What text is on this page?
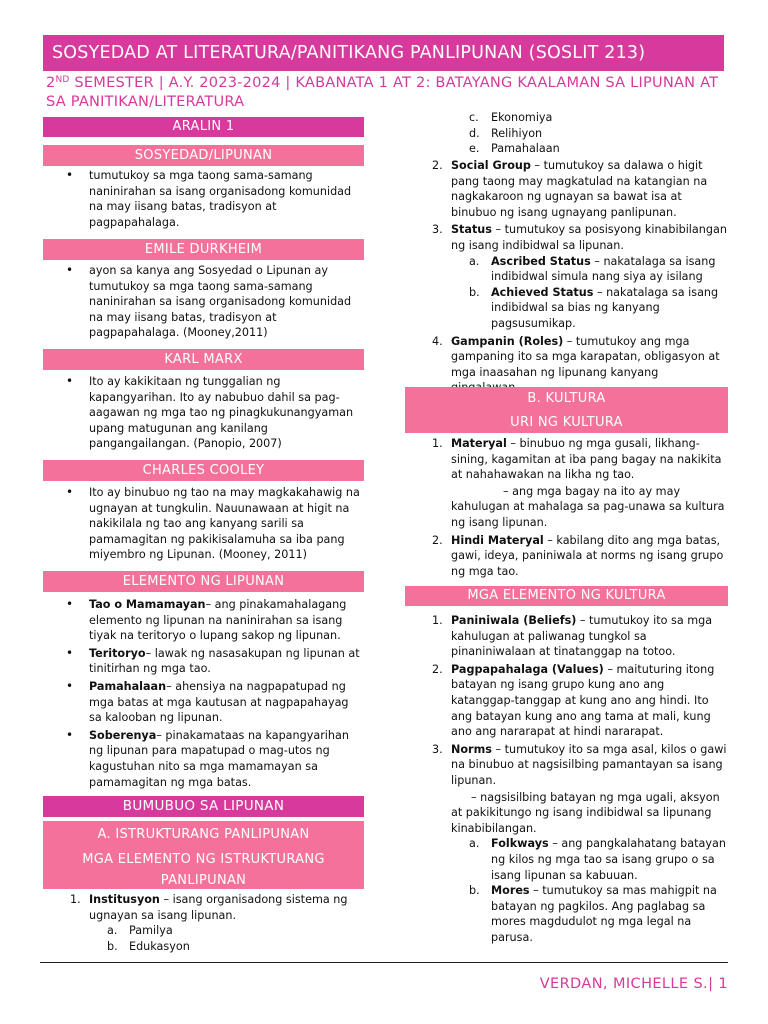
SOSYEDAD AT LITERATURA/PANITIKANG PANLIPUNAN (SOSLIT 213)
2ND SEMESTER | A.Y. 2023-2024 | KABANATA 1 AT 2: BATAYANG KAALAMAN SA LIPUNAN AT SA PANITIKAN/LITERATURA
ARALIN 1
SOSYEDAD/LIPUNAN
• tumutukoy sa mga taong sama-samang naninirahan sa isang organisadong komunidad na may iisang batas, tradisyon at pagpapahalaga.
EMILE DURKHEIM
• ayon sa kanya ang Sosyedad o Lipunan ay tumutukoy sa mga taong sama-samang naninirahan sa isang organisadong komunidad na may iisang batas, tradisyon at pagpapahalaga. (Mooney,2011)
KARL MARX
• Ito ay kakikitaan ng tunggalian ng kapangyarihan. Ito ay nabubuo dahil sa pag-aagawan ng mga tao ng pinagkukunangyaman upang matugunan ang kanilang pangangailangan. (Panopio, 2007)
CHARLES COOLEY
• Ito ay binubuo ng tao na may magkakahawig na ugnayan at tungkulin. Nauunawaan at higit na nakikilala ng tao ang kanyang sarili sa pamamagitan ng pakikisalamuha sa iba pang miyembro ng Lipunan. (Mooney, 2011)
ELEMENTO NG LIPUNAN
• Tao o Mamamayan– ang pinakamahalagang elemento ng lipunan na naninirahan sa isang tiyak na teritoryo o lupang sakop ng lipunan.
• Teritoryo– lawak ng nasasakupan ng lipunan at tinitirhan ng mga tao.
• Pamahalaan– ahensiya na nagpapatupad ng mga batas at mga kautusan at nagpapahayag sa kalooban ng lipunan.
• Soberenya– pinakamataas na kapangyarihan ng lipunan para mapatupad o mag-utos ng kagustuhan nito sa mga mamamayan sa pamamagitan ng mga batas.
BUMUBUO SA LIPUNAN
A. ISTRUKTURANG PANLIPUNAN
MGA ELEMENTO NG ISTRUKTURANG PANLIPUNAN
1. Institusyon – isang organisadong sistema ng ugnayan sa isang lipunan.
a. Pamilya
b. Edukasyon
c. Ekonomiya
d. Relihiyon
e. Pamahalaan
2. Social Group – tumutukoy sa dalawa o higit pang taong may magkatulad na katangian na nagkakaroon ng ugnayan sa bawat isa at binubuo ng isang ugnayang panlipunan.
3. Status – tumutukoy sa posisyong kinabibilangan ng isang indibidwal sa lipunan.
a. Ascribed Status – nakatalaga sa isang indibidwal simula nang siya ay isilang
b. Achieved Status – nakatalaga sa isang indibidwal sa bias ng kanyang pagsusumikap.
4. Gampanin (Roles) – tumutukoy ang mga gampaning ito sa mga karapatan, obligasyon at mga inaasahan ng lipunang kanyang
B. KULTURA
URI NG KULTURA
1. Materyal – binubuo ng mga gusali, likhang-sining, kagamitan at iba pang bagay na nakikita at nahahawakan na likha ng tao.
– ang mga bagay na ito ay may kahulugan at mahalaga sa pag-unawa sa kultura ng isang lipunan.
2. Hindi Materyal – kabilang dito ang mga batas, gawi, ideya, paniniwala at norms ng isang grupo ng mga tao.
MGA ELEMENTO NG KULTURA
1. Paniniwala (Beliefs) – tumutukoy ito sa mga kahulugan at paliwanag tungkol sa pinaniniwalaan at tinatanggap na totoo.
2. Pagpapahalaga (Values) – maituturing itong batayan ng isang grupo kung ano ang katanggap-tanggap at kung ano ang hindi. Ito ang batayan kung ano ang tama at mali, kung ano ang nararapat at hindi nararapat.
3. Norms – tumutukoy ito sa mga asal, kilos o gawi na binubuo at nagsisilbing pamantayan sa isang lipunan.
– nagsisilbing batayan ng mga ugali, aksyon at pakikitungo ng isang indibidwal sa lipunang kinabibilangan.
a. Folkways – ang pangkalahatang batayan ng kilos ng mga tao sa isang grupo o sa isang lipunan sa kabuuan.
b. Mores – tumutukoy sa mas mahigpit na batayan ng pagkilos. Ang paglabag sa mores magdudulot ng mga legal na parusa.
VERDAN, MICHELLE S.| 1
